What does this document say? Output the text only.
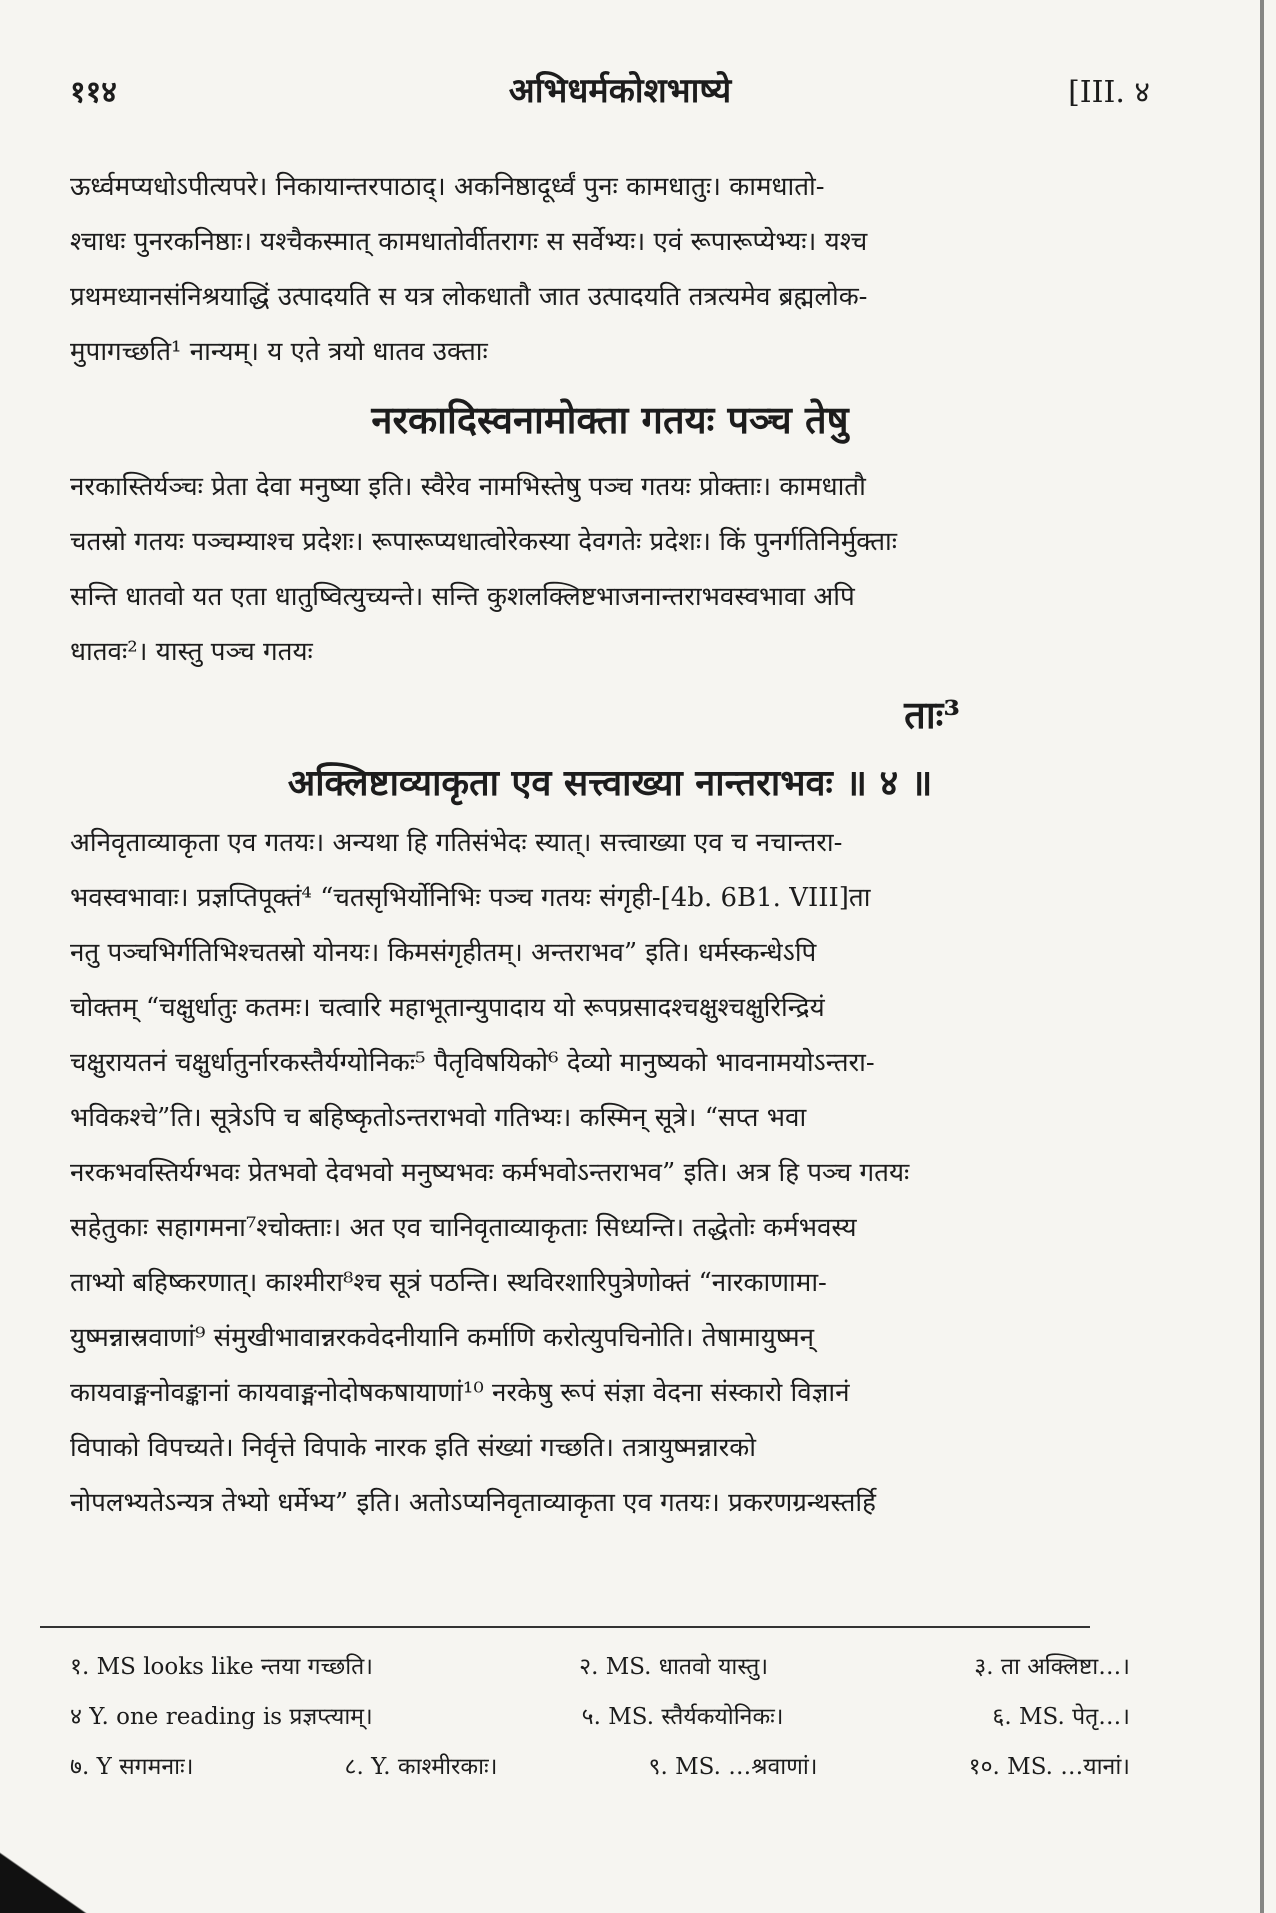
११४	अभिधर्मकोशभाष्ये	[III. ४

ऊर्ध्वमप्यधोऽपीत्यपरे। निकायान्तरपाठाद्। अकनिष्ठादूर्ध्वं पुनः कामधातुः। कामधातो-

श्चाधः पुनरकनिष्ठाः। यश्चैकस्मात् कामधातोर्वीतरागः स सर्वेभ्यः। एवं रूपारूप्येभ्यः। यश्च

प्रथमध्यानसंनिश्रयाद्धिं उत्पादयति स यत्र लोकधातौ जात उत्पादयति तत्रत्यमेव ब्रह्मलोक-

मुपागच्छति¹ नान्यम्। य एते त्रयो धातव उक्ताः

नरकादिस्वनामोक्ता गतयः पञ्च तेषु

नरकास्तिर्यञ्चः प्रेता देवा मनुष्या इति। स्वैरेव नामभिस्तेषु पञ्च गतयः प्रोक्ताः। कामधातौ

चतस्रो गतयः पञ्चम्याश्च प्रदेशः। रूपारूप्यधात्वोरेकस्या देवगतेः प्रदेशः। किं पुनर्गतिनिर्मुक्ताः

सन्ति धातवो यत एता धातुष्वित्युच्यन्ते। सन्ति कुशलक्लिष्टभाजनान्तराभवस्वभावा अपि

धातवः²। यास्तु पञ्च गतयः

ताः³

अक्लिष्टाव्याकृता एव सत्त्वाख्या नान्तराभवः ॥ ४ ॥

अनिवृताव्याकृता एव गतयः। अन्यथा हि गतिसंभेदः स्यात्। सत्त्वाख्या एव च नचान्तरा-

भवस्वभावाः। प्रज्ञप्तिपूक्तं⁴ “चतसृभिर्योनिभिः पञ्च गतयः संगृही-[4b. 6B1. VIII]ता

नतु पञ्चभिर्गतिभिश्चतस्रो योनयः। किमसंगृहीतम्। अन्तराभव” इति। धर्मस्कन्धेऽपि

चोक्तम् “चक्षुर्धातुः कतमः। चत्वारि महाभूतान्युपादाय यो रूपप्रसादश्चक्षुश्चक्षुरिन्द्रियं

चक्षुरायतनं चक्षुर्धातुर्नारकस्तैर्यग्योनिकः⁵ पैतृविषयिको⁶ देव्यो मानुष्यको भावनामयोऽन्तरा-

भविकश्चे”ति। सूत्रेऽपि च बहिष्कृतोऽन्तराभवो गतिभ्यः। कस्मिन् सूत्रे। “सप्त भवा

नरकभवस्तिर्यग्भवः प्रेतभवो देवभवो मनुष्यभवः कर्मभवोऽन्तराभव” इति। अत्र हि पञ्च गतयः

सहेतुकाः सहागमना⁷श्चोक्ताः। अत एव चानिवृताव्याकृताः सिध्यन्ति। तद्धेतोः कर्मभवस्य

ताभ्यो बहिष्करणात्। काश्मीरा⁸श्च सूत्रं पठन्ति। स्थविरशारिपुत्रेणोक्तं “नारकाणामा-

युष्मन्नास्रवाणां⁹ संमुखीभावान्नरकवेदनीयानि कर्माणि करोत्युपचिनोति। तेषामायुष्मन्

कायवाङ्मनोवङ्कानां कायवाङ्मनोदोषकषायाणां¹⁰ नरकेषु रूपं संज्ञा वेदना संस्कारो विज्ञानं

विपाको विपच्यते। निर्वृत्ते विपाके नारक इति संख्यां गच्छति। तत्रायुष्मन्नारको

नोपलभ्यतेऽन्यत्र तेभ्यो धर्मेभ्य” इति। अतोऽप्यनिवृताव्याकृता एव गतयः। प्रकरणग्रन्थस्तर्हि

१. MS looks like न्तया गच्छति।	२. MS. धातवो यास्तु।	३. ता अक्लिष्टा…।
४ Y. one reading is प्रज्ञप्त्याम्।	५. MS. स्तैर्यकयोनिकः।	६. MS. पेतृ…।
७. Y सगमनाः।	८. Y. काश्मीरकाः।	९. MS. …श्रवाणां।	१०. MS. …यानां।
